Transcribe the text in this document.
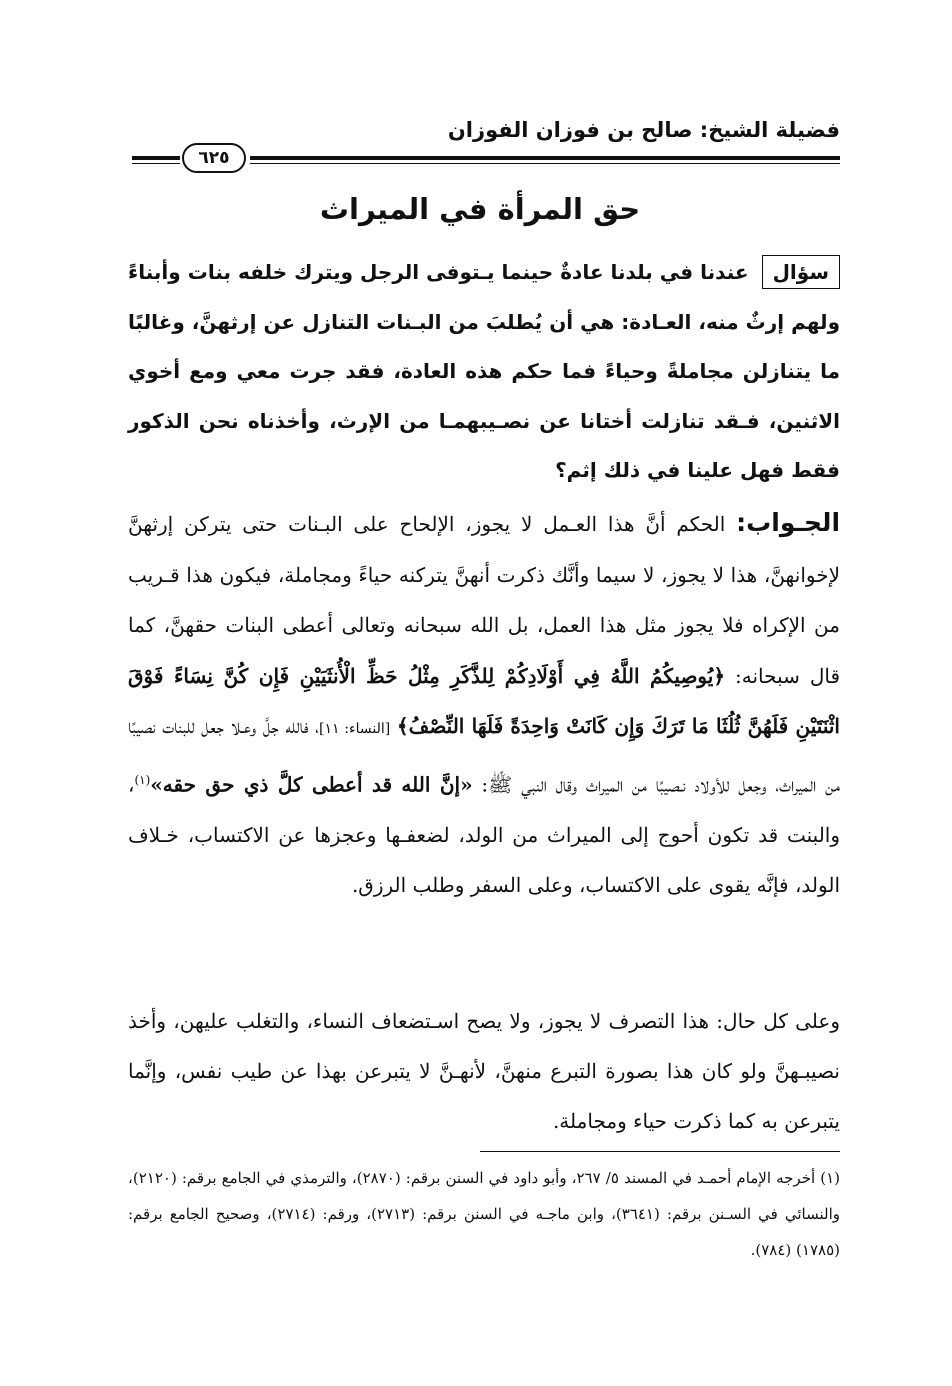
فضيلة الشيخ: صالح بن فوزان الفوزان
٦٢٥
حق المرأة في الميراث
سؤال عندنا في بلدنا عادةٌ حينما يـتوفى الرجل ويترك خلفه بنات وأبناءً ولهم إرثٌ منه، العـادة: هي أن يُطلبَ من البـنات التنازل عن إرثهنَّ، وغالبًا ما يتنازلن مجاملةً وحياءً فما حكم هذه العادة، فقد جرت معي ومع أخوي الاثنين، فـقد تنازلت أختانا عن نصـيبهمـا من الإرث، وأخذناه نحن الذكور فقط فهل علينا في ذلك إثم؟
الجـواب: الحكم أنَّ هذا العـمل لا يجوز، الإلحاح على البـنات حتى يتركن إرثهنَّ لإخوانهنَّ، هذا لا يجوز، لا سيما وأنَّك ذكرت أنهنَّ يتركنه حياءً ومجاملة، فيكون هذا قـريب من الإكراه فلا يجوز مثل هذا العمل، بل الله سبحانه وتعالى أعطى البنات حقهنَّ، كما قال سبحانه: ﴿يُوصِيكُمُ اللَّهُ فِي أَوْلَادِكُمْ لِلذَّكَرِ مِثْلُ حَظِّ الْأُنثَيَيْنِ فَإِن كُنَّ نِسَاءً فَوْقَ اثْنَتَيْنِ فَلَهُنَّ ثُلُثَا مَا تَرَكَ وَإِن كَانَتْ وَاحِدَةً فَلَهَا النِّصْفُ﴾ [النساء: ١١]، فالله جلَّ وعـلا جعل للبنات نصيبًا من الميراث، وجعل للأولاد نـصيبًا من الميراث وقال النبي ﷺ: «إنَّ الله قد أعطى كلَّ ذي حق حقه»$^{(١)}$، والبنت قد تكون أحوج إلى الميراث من الولد، لضعفـها وعجزها عن الاكتساب، خـلاف الولد، فإنَّه يقوى على الاكتساب، وعلى السفر وطلب الرزق.
وعلى كل حال: هذا التصرف لا يجوز، ولا يصح اسـتضعاف النساء، والتغلب عليهن، وأخذ نصيبـهنَّ ولو كان هذا بصورة التبرع منهنَّ، لأنهـنَّ لا يتبرعن بهذا عن طيب نفس، وإنَّما يتبرعن به كما ذكرت حياء ومجاملة.
(١) أخرجه الإمام أحمـد في المسند ٥/ ٢٦٧، وأبو داود في السنن برقم: (٢٨٧٠)، والترمذي في الجامع برقم: (٢١٢٠)، والنسائي في السـنن برقم: (٣٦٤١)، وابن ماجـه في السنن برقم: (٢٧١٣)، ورقم: (٢٧١٤)، وصحيح الجامع برقم: (١٧٨٥) (٧٨٤).
